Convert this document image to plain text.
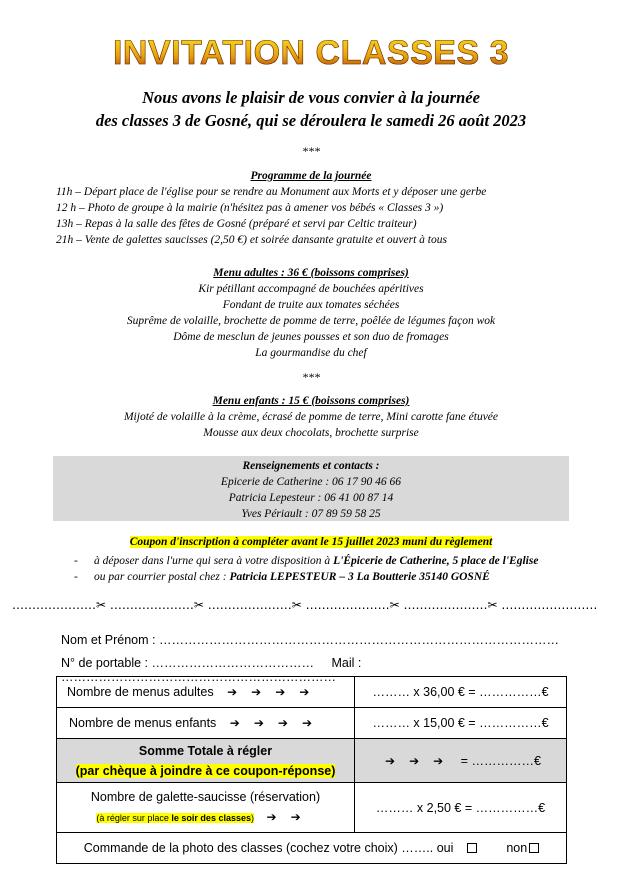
INVITATION CLASSES 3
Nous avons le plaisir de vous convier à la journée
des classes 3 de Gosné, qui se déroulera le samedi 26 août 2023
***
Programme de la journée
11h – Départ place de l'église pour se rendre au Monument aux Morts et y déposer une gerbe
12 h – Photo de groupe à la mairie (n'hésitez pas à amener vos bébés « Classes 3 »)
13h – Repas à la salle des fêtes de Gosné (préparé et servi par Celtic traiteur)
21h – Vente de galettes saucisses (2,50 €) et soirée dansante gratuite et ouvert à tous
Menu adultes : 36 € (boissons comprises)
Kir pétillant accompagné de bouchées apéritives
Fondant de truite aux tomates séchées
Suprême de volaille, brochette de pomme de terre, poêlée de légumes façon wok
Dôme de mesclun de jeunes pousses et son duo de fromages
La gourmandise du chef
***
Menu enfants : 15 € (boissons comprises)
Mijoté de volaille à la crème, écrasé de pomme de terre, Mini carotte fane étuvée
Mousse aux deux chocolats, brochette surprise
Renseignements et contacts :
Epicerie de Catherine : 06 17 90 46 66
Patricia Lepesteur : 06 41 00 87 14
Yves Périault : 07 89 59 58 25
Coupon d'inscription à compléter avant le 15 juillet 2023 muni du règlement
- à déposer dans l'urne qui sera à votre disposition à L'Épicerie de Catherine, 5 place de l'Eglise
- ou par courrier postal chez : Patricia LEPESTEUR – 3 La Boutterie 35140 GOSNÉ
…………………✂ …………………✂ …………………✂ …………………✂ …………………✂ ……………………
Nom et Prénom : ……………………………………………………………………………………
N° de portable : ………………………………… Mail : …………………………………………………………
Nombre de menus adultes ➔ ➔ ➔ ➔	……… x 36,00 € = ……………€
Nombre de menus enfants ➔ ➔ ➔ ➔	……… x 15,00 € = ……………€

Somme Totale à régler
(par chèque à joindre à ce coupon-réponse)	➔ ➔ ➔ = ……………€

Nombre de galette-saucisse (réservation)
(à régler sur place le soir des classes) ➔ ➔	……… x 2,50 € = ……………€
Commande de la photo des classes (cochez votre choix) …….. oui non	
